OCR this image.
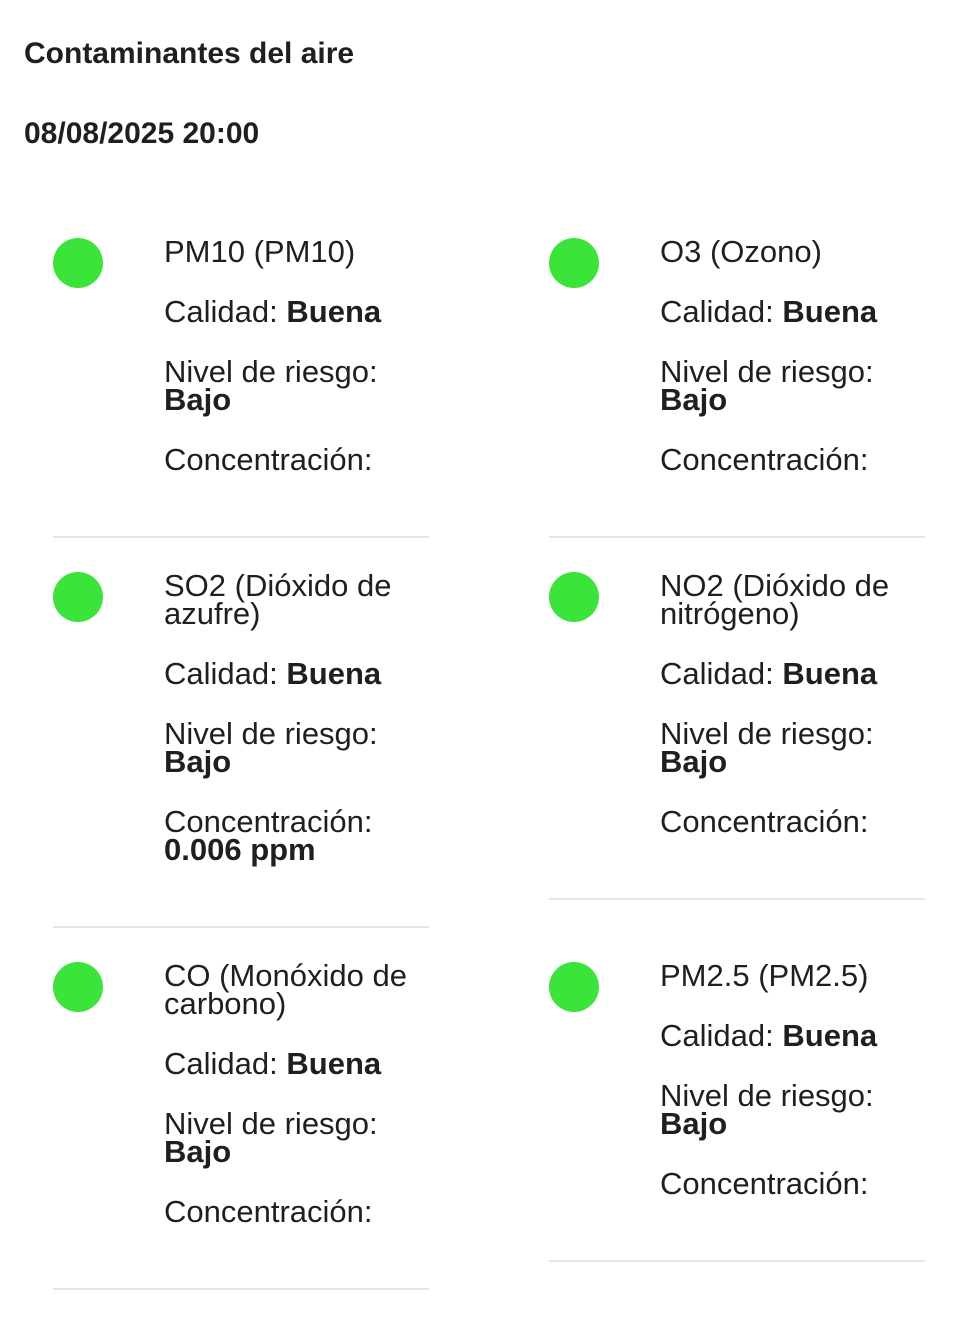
Contaminantes del aire
08/08/2025 20:00

PM10 (PM10)

Calidad: Buena

Nivel de riesgo:
Bajo

Concentración:

SO2 (Dióxido de azufre)

Calidad: Buena

Nivel de riesgo:
Bajo

Concentración:
0.006 ppm

CO (Monóxido de carbono)

Calidad: Buena

Nivel de riesgo:
Bajo

Concentración:

O3 (Ozono)

Calidad: Buena

Nivel de riesgo:
Bajo

Concentración:

NO2 (Dióxido de nitrógeno)

Calidad: Buena

Nivel de riesgo:
Bajo

Concentración:

PM2.5 (PM2.5)

Calidad: Buena

Nivel de riesgo:
Bajo

Concentración:
